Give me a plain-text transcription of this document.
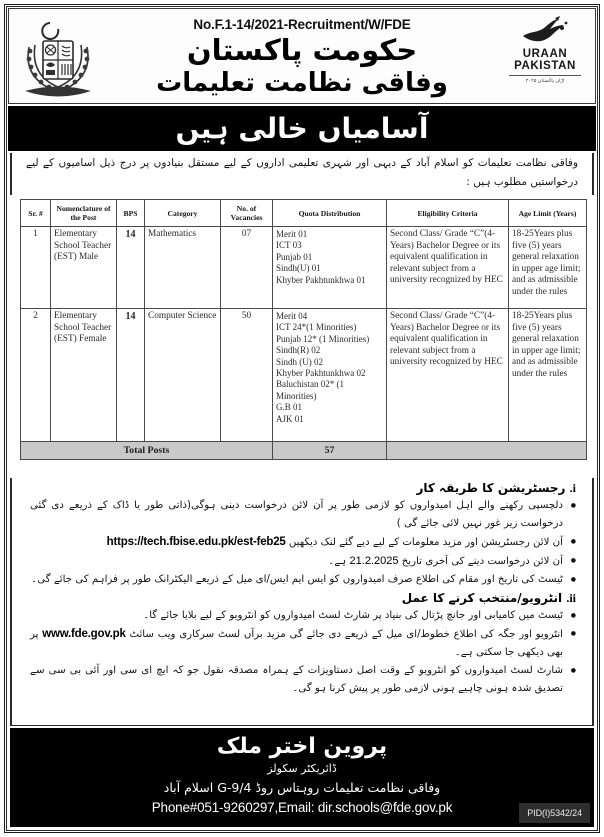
No.F.1-14/2021-Recruitment/W/FDE
حکومت پاکستان
وفاقی نظامت تعلیمات
URAAN
PAKISTAN
اڑان پاکستان ۲۰۲۵
آسامیاں خالی ہیں
وفاقی نظامت تعلیمات کو اسلام آباد کے دیہی اور شہری تعلیمی اداروں کے لیے مستقل بنیادوں پر درج ذیل اسامیوں کے لیے درخواستیں مطلوب ہیں :
Sr. #	Nomenclature of the Post	BPS	Category	No. of Vacancies	Quota Distribution	Eligibility Criteria	Age Limit (Years)
1	Elementary School Teacher (EST) Male	14	Mathematics	07	Merit 01
ICT 03
Punjab 01
Sindh(U) 01
Khyber Pakhtunkhwa 01	Second Class/ Grade “C”(4-Years) Bachelor Degree or its equivalent qualification in relevant subject from a university recognized by HEC	18-25Years plus five (5) years general relaxation in upper age limit; and as admissible under the rules
2	Elementary School Teacher (EST) Female	14	Computer Science	50	Merit 04
ICT 24*(1 Minorities)
Punjab 12* (1 Minorities)
Sindh(R) 02
Sindh (U) 02
Khyber Pakhtunkhwa 02
Baluchistan 02* (1 Minorities)
G.B 01
AJK 01
	Second Class/ Grade “C”(4-Years) Bachelor Degree or its equivalent qualification in relevant subject from a university recognized by HEC	18-25Years plus five (5) years general relaxation in upper age limit; and as admissible under the rules
Total Posts					57		
i. رجسٹریشن کا طریقہ کار
● دلچسپی رکھنے والے اہل امیدواروں کو لازمی طور پر آن لائن درخواست دینی ہوگی(ذاتی طور یا ڈاک کے ذریعے دی گئی درخواست زیر غور نہیں لائی جائے گی )
● آن لائن رجسٹریشن اور مزید معلومات کے لیے دیے گئے لنک دیکھیں https://tech.fbise.edu.pk/est-feb25
● آن لائن درخواست دینے کی آخری تاریخ 21.2.2025 ہے۔
● ٹیسٹ کی تاریخ اور مقام کی اطلاع صرف امیدواروں کو ایس ایم ایس/ای میل کے ذریعے الیکٹرانک طور پر فراہم کی جائے گی۔
ii. انٹرویو/منتخب کرنے کا عمل
● ٹیسٹ میں کامیابی اور جانچ پڑتال کی بنیاد پر شارٹ لسٹ امیدواروں کو انٹرویو کے لیے بلایا جائے گا۔
● انٹرویو اور جگہ کی اطلاع خطوط/ای میل کے ذریعے دی جائے گی مزید برآں لسٹ سرکاری ویب سائٹ www.fde.gov.pk پر بھی دیکھی جا سکتی ہے۔
● شارٹ لسٹ امیدواروں کو انٹرویو کے وقت اصل دستاویزات کے ہمراہ مصدقہ نقول جو کہ ایچ ای سی اور آئی بی سی سے تصدیق شدہ ہونی چاہیے ہونی لازمی طور پر پیش کرنا ہو گی۔
پروین اختر ملک
ڈائریکٹر سکولز
وفاقی نظامت تعلیمات روہتاس روڈ G-9/4 اسلام آباد
Phone#051-9260297,Email: dir.schools@fde.gov.pk	PID(I)5342/24
